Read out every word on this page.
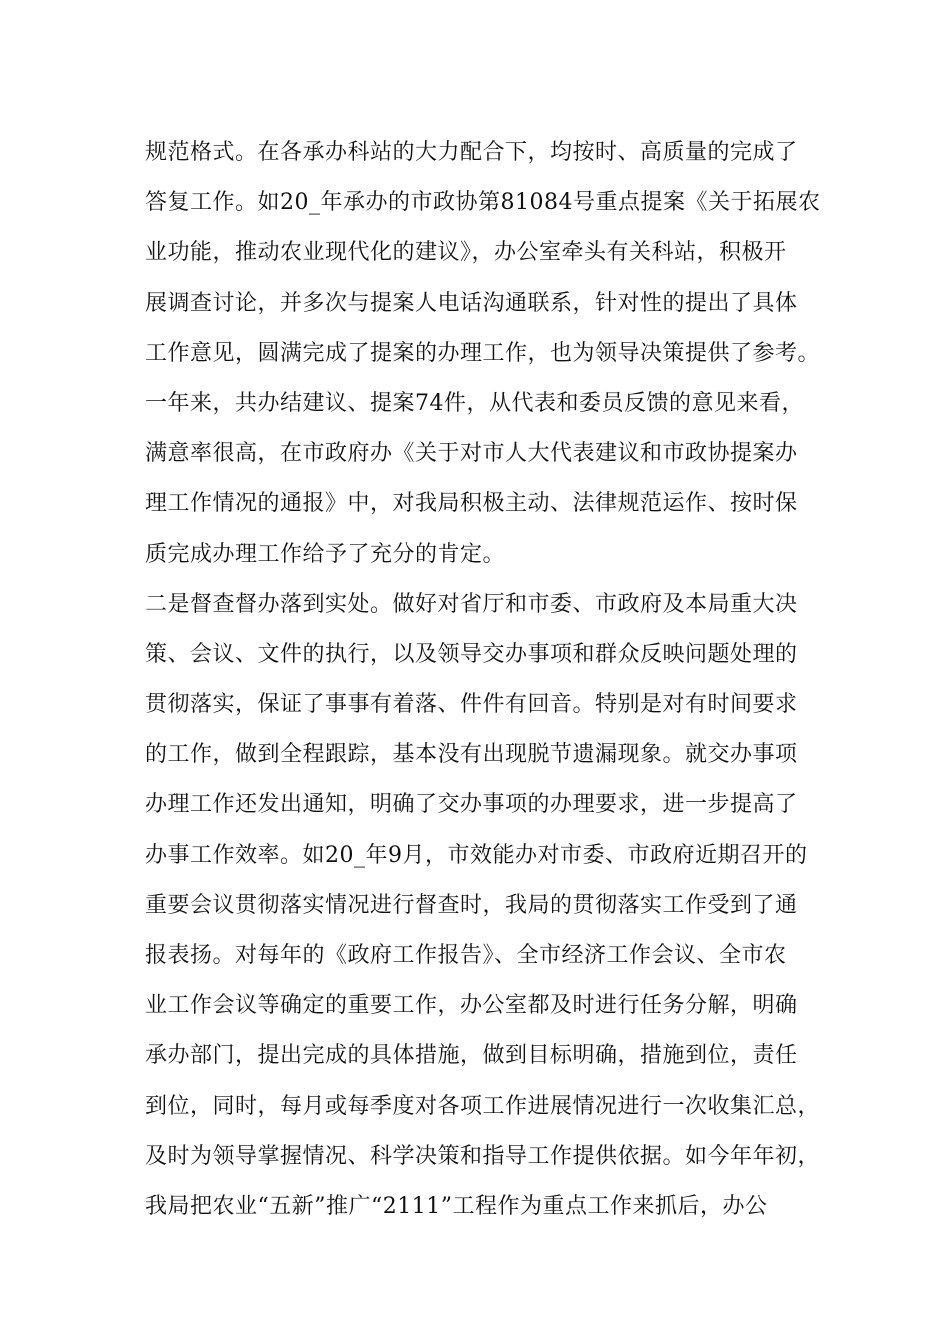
规范格式。在各承办科站的大力配合下，均按时、高质量的完成了
答复工作。如20_年承办的市政协第81084号重点提案《关于拓展农
业功能，推动农业现代化的建议》，办公室牵头有关科站，积极开
展调查讨论，并多次与提案人电话沟通联系，针对性的提出了具体
工作意见，圆满完成了提案的办理工作，也为领导决策提供了参考。
一年来，共办结建议、提案74件，从代表和委员反馈的意见来看，
满意率很高，在市政府办《关于对市人大代表建议和市政协提案办
理工作情况的通报》中，对我局积极主动、法律规范运作、按时保
质完成办理工作给予了充分的肯定。
二是督查督办落到实处。做好对省厅和市委、市政府及本局重大决
策、会议、文件的执行，以及领导交办事项和群众反映问题处理的
贯彻落实，保证了事事有着落、件件有回音。特别是对有时间要求
的工作，做到全程跟踪，基本没有出现脱节遗漏现象。就交办事项
办理工作还发出通知，明确了交办事项的办理要求，进一步提高了
办事工作效率。如20_年9月，市效能办对市委、市政府近期召开的
重要会议贯彻落实情况进行督查时，我局的贯彻落实工作受到了通
报表扬。对每年的《政府工作报告》、全市经济工作会议、全市农
业工作会议等确定的重要工作，办公室都及时进行任务分解，明确
承办部门，提出完成的具体措施，做到目标明确，措施到位，责任
到位，同时，每月或每季度对各项工作进展情况进行一次收集汇总，
及时为领导掌握情况、科学决策和指导工作提供依据。如今年年初，
我局把农业“五新”推广“2111”工程作为重点工作来抓后，办公
